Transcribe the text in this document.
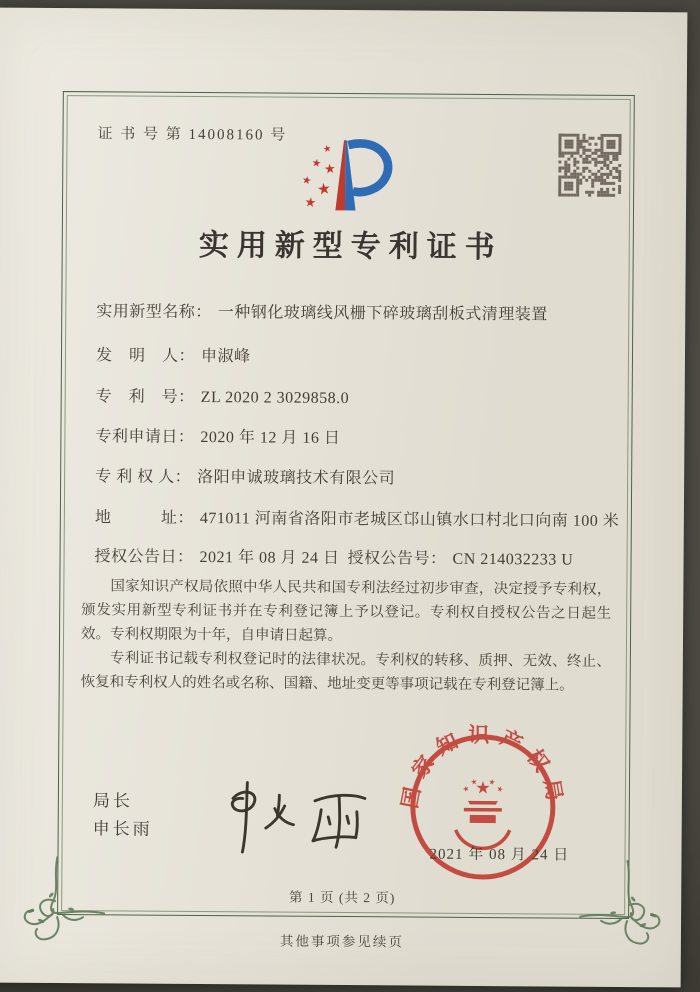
证 书 号 第 14008160 号
实用新型专利证书
实用新型名称： 一种钢化玻璃线风栅下碎玻璃刮板式清理装置
发　明　人： 申淑峰
专　利　号： ZL 2020 2 3029858.0
专利申请日： 2020 年 12 月 16 日
专 利 权 人： 洛阳申诚玻璃技术有限公司
地　　　址： 471011 河南省洛阳市老城区邙山镇水口村北口向南 100 米
授权公告日： 2021 年 08 月 24 日 授权公告号： CN 214032233 U

国家知识产权局依照中华人民共和国专利法经过初步审查，决定授予专利权，颁发实用新型专利证书并在专利登记簿上予以登记。专利权自授权公告之日起生效。专利权期限为十年，自申请日起算。

专利证书记载专利权登记时的法律状况。专利权的转移、质押、无效、终止、恢复和专利权人的姓名或名称、国籍、地址变更等事项记载在专利登记簿上。

局长
申长雨
国家知识产权局
2021 年 08 月 24 日
第 1 页 (共 2 页)
其他事项参见续页
